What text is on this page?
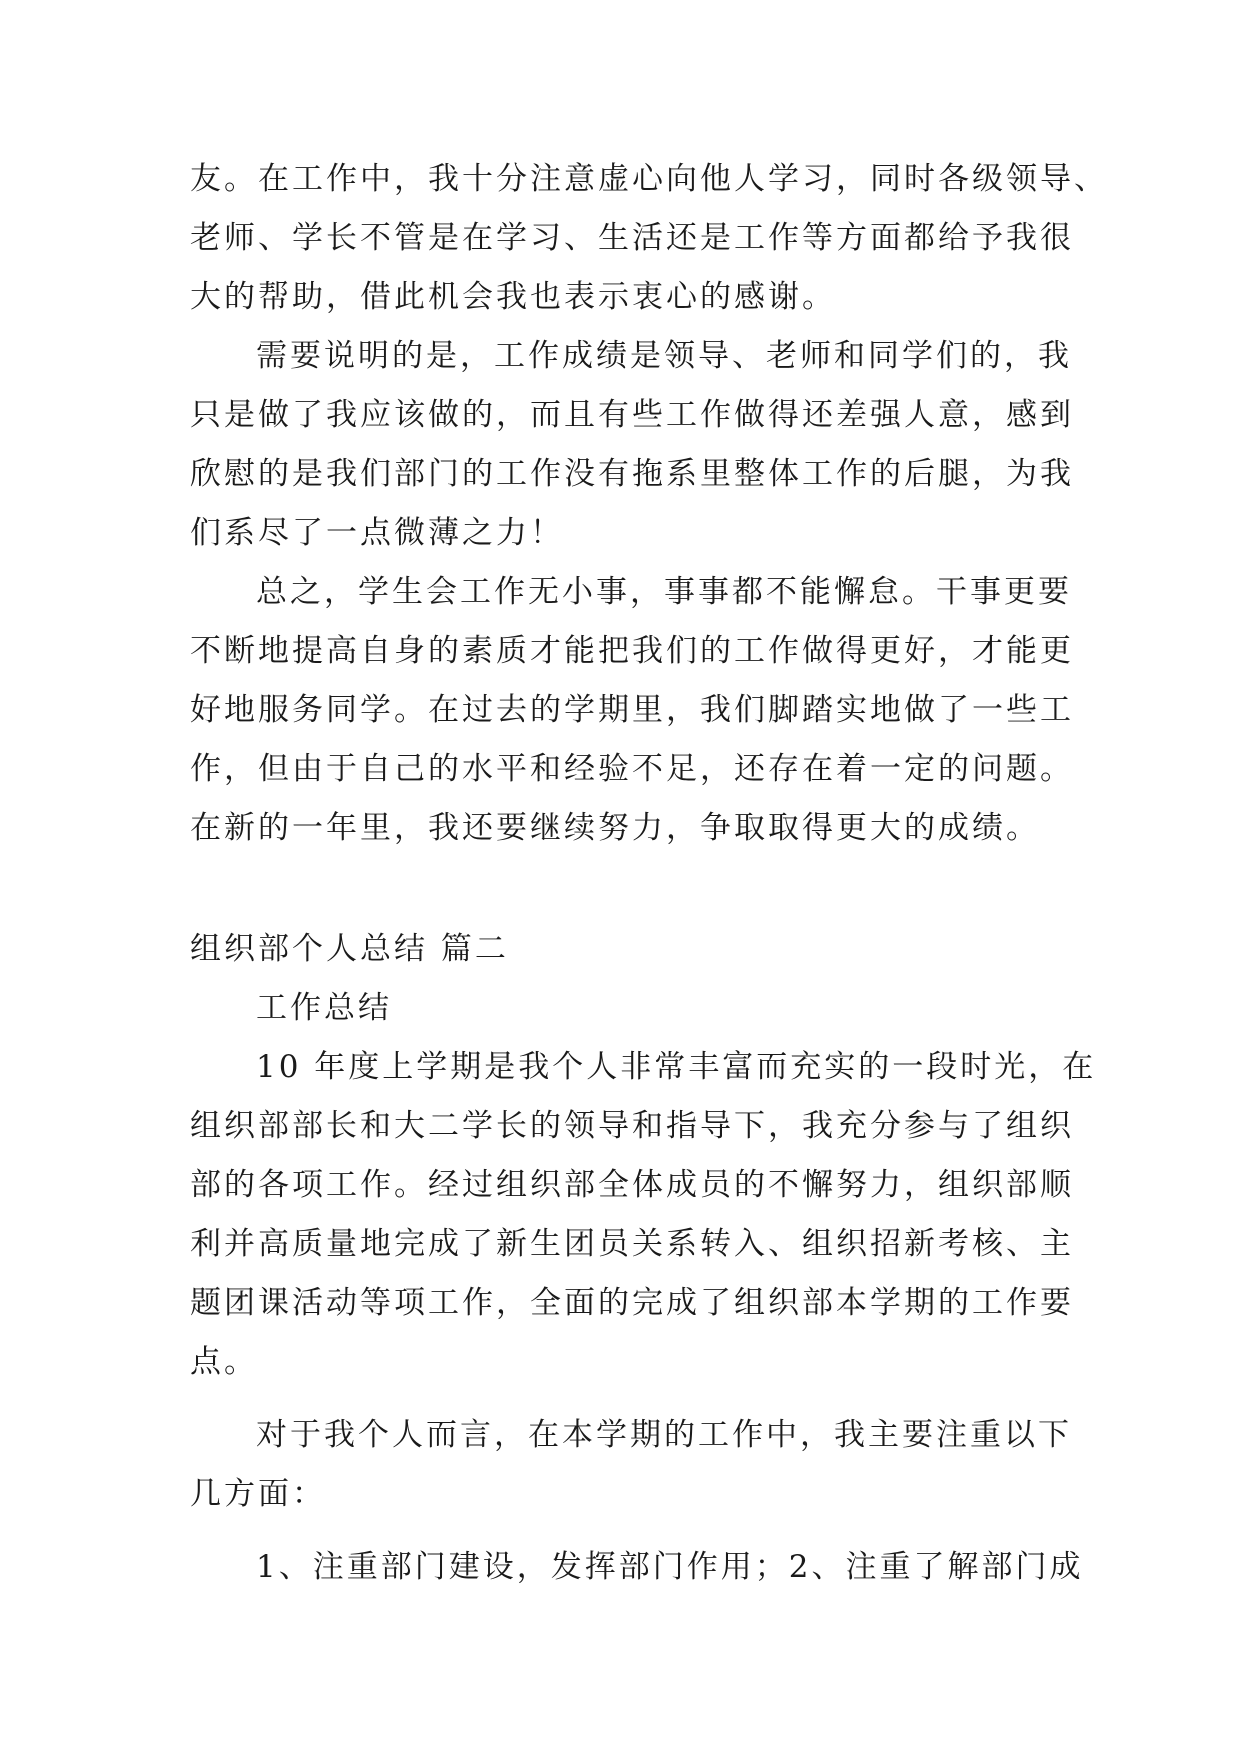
友。在工作中，我十分注意虚心向他人学习，同时各级领导、
老师、学长不管是在学习、生活还是工作等方面都给予我很
大的帮助，借此机会我也表示衷心的感谢。
需要说明的是，工作成绩是领导、老师和同学们的，我
只是做了我应该做的，而且有些工作做得还差强人意，感到
欣慰的是我们部门的工作没有拖系里整体工作的后腿，为我
们系尽了一点微薄之力！
总之，学生会工作无小事，事事都不能懈怠。干事更要
不断地提高自身的素质才能把我们的工作做得更好，才能更
好地服务同学。在过去的学期里，我们脚踏实地做了一些工
作，但由于自己的水平和经验不足，还存在着一定的问题。
在新的一年里，我还要继续努力，争取取得更大的成绩。
组织部个人总结 篇二
工作总结
10 年度上学期是我个人非常丰富而充实的一段时光，在
组织部部长和大二学长的领导和指导下，我充分参与了组织
部的各项工作。经过组织部全体成员的不懈努力，组织部顺
利并高质量地完成了新生团员关系转入、组织招新考核、主
题团课活动等项工作，全面的完成了组织部本学期的工作要
点。
对于我个人而言，在本学期的工作中，我主要注重以下
几方面：
1、注重部门建设，发挥部门作用；2、注重了解部门成
